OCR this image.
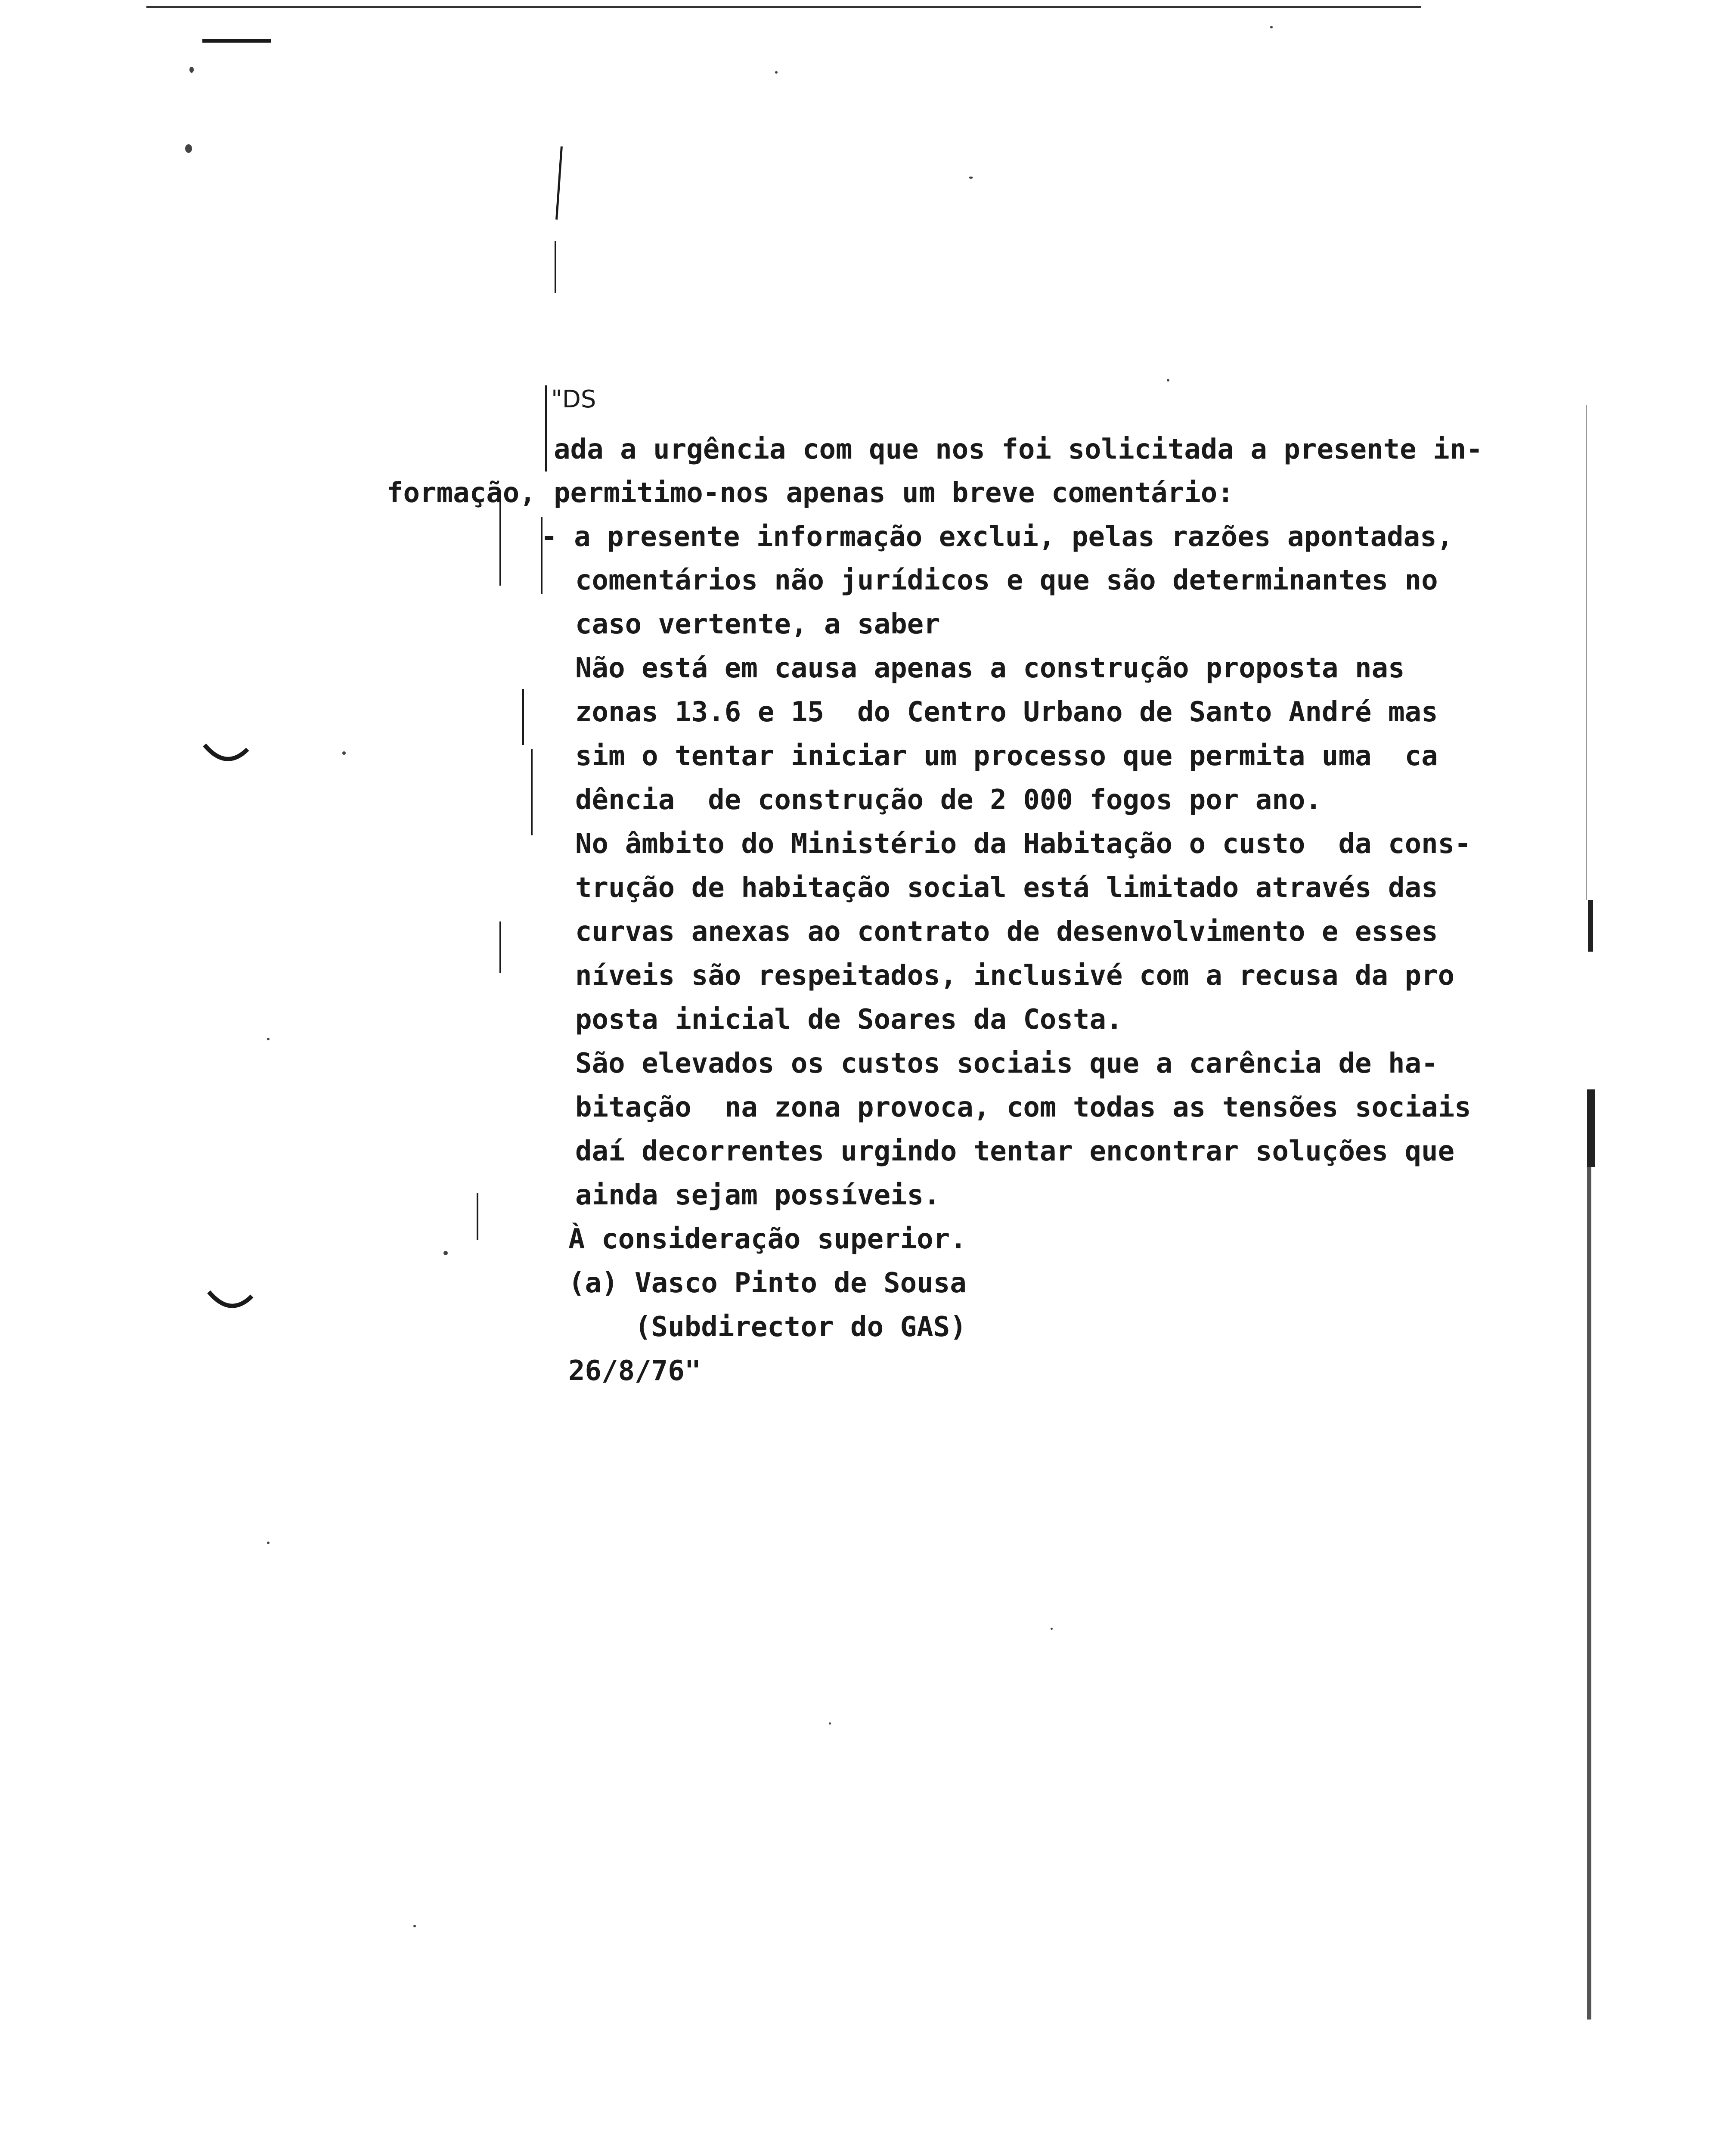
"DS
ada a urgência com que nos foi solicitada a presente in-
formação, permitimo-nos apenas um breve comentário:
- a presente informação exclui, pelas razões apontadas,
comentários não jurídicos e que são determinantes no
caso vertente, a saber
Não está em causa apenas a construção proposta nas
zonas 13.6 e 15  do Centro Urbano de Santo André mas
sim o tentar iniciar um processo que permita uma  ca
dência  de construção de 2 000 fogos por ano.
No âmbito do Ministério da Habitação o custo  da cons-
trução de habitação social está limitado através das
curvas anexas ao contrato de desenvolvimento e esses
níveis são respeitados, inclusivé com a recusa da pro
posta inicial de Soares da Costa.
São elevados os custos sociais que a carência de ha-
bitação  na zona provoca, com todas as tensões sociais
daí decorrentes urgindo tentar encontrar soluções que
ainda sejam possíveis.
À consideração superior.
(a) Vasco Pinto de Sousa
(Subdirector do GAS)
26/8/76"
